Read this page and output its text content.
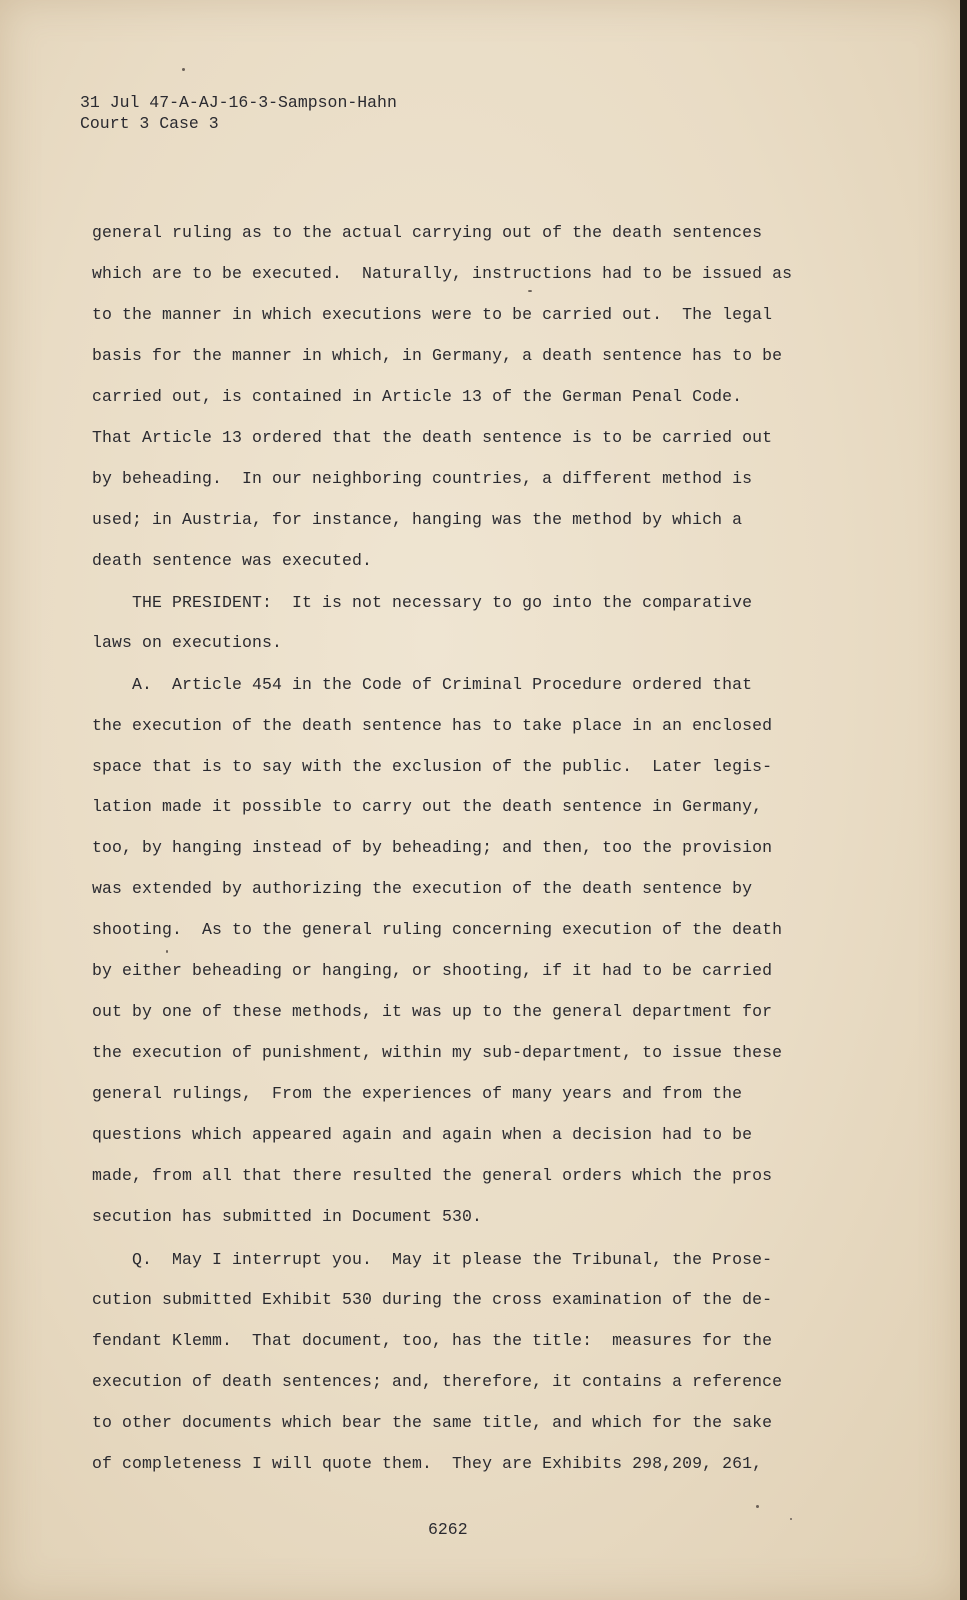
31 Jul 47-A-AJ-16-3-Sampson-Hahn
Court 3 Case 3
general ruling as to the actual carrying out of the death sentences
which are to be executed.  Naturally, instructions had to be issued as
to the manner in which executions were to be carried out.  The legal
basis for the manner in which, in Germany, a death sentence has to be
carried out, is contained in Article 13 of the German Penal Code.
That Article 13 ordered that the death sentence is to be carried out
by beheading.  In our neighboring countries, a different method is
used; in Austria, for instance, hanging was the method by which a
death sentence was executed.
THE PRESIDENT:  It is not necessary to go into the comparative
laws on executions.
A.  Article 454 in the Code of Criminal Procedure ordered that
the execution of the death sentence has to take place in an enclosed
space that is to say with the exclusion of the public.  Later legis-
lation made it possible to carry out the death sentence in Germany,
too, by hanging instead of by beheading; and then, too the provision
was extended by authorizing the execution of the death sentence by
shooting.  As to the general ruling concerning execution of the death
by either beheading or hanging, or shooting, if it had to be carried
out by one of these methods, it was up to the general department for
the execution of punishment, within my sub-department, to issue these
general rulings,  From the experiences of many years and from the
questions which appeared again and again when a decision had to be
made, from all that there resulted the general orders which the pros
secution has submitted in Document 530.
Q.  May I interrupt you.  May it please the Tribunal, the Prose-
cution submitted Exhibit 530 during the cross examination of the de-
fendant Klemm.  That document, too, has the title:  measures for the
execution of death sentences; and, therefore, it contains a reference
to other documents which bear the same title, and which for the sake
of completeness I will quote them.  They are Exhibits 298,209, 261,
6262
